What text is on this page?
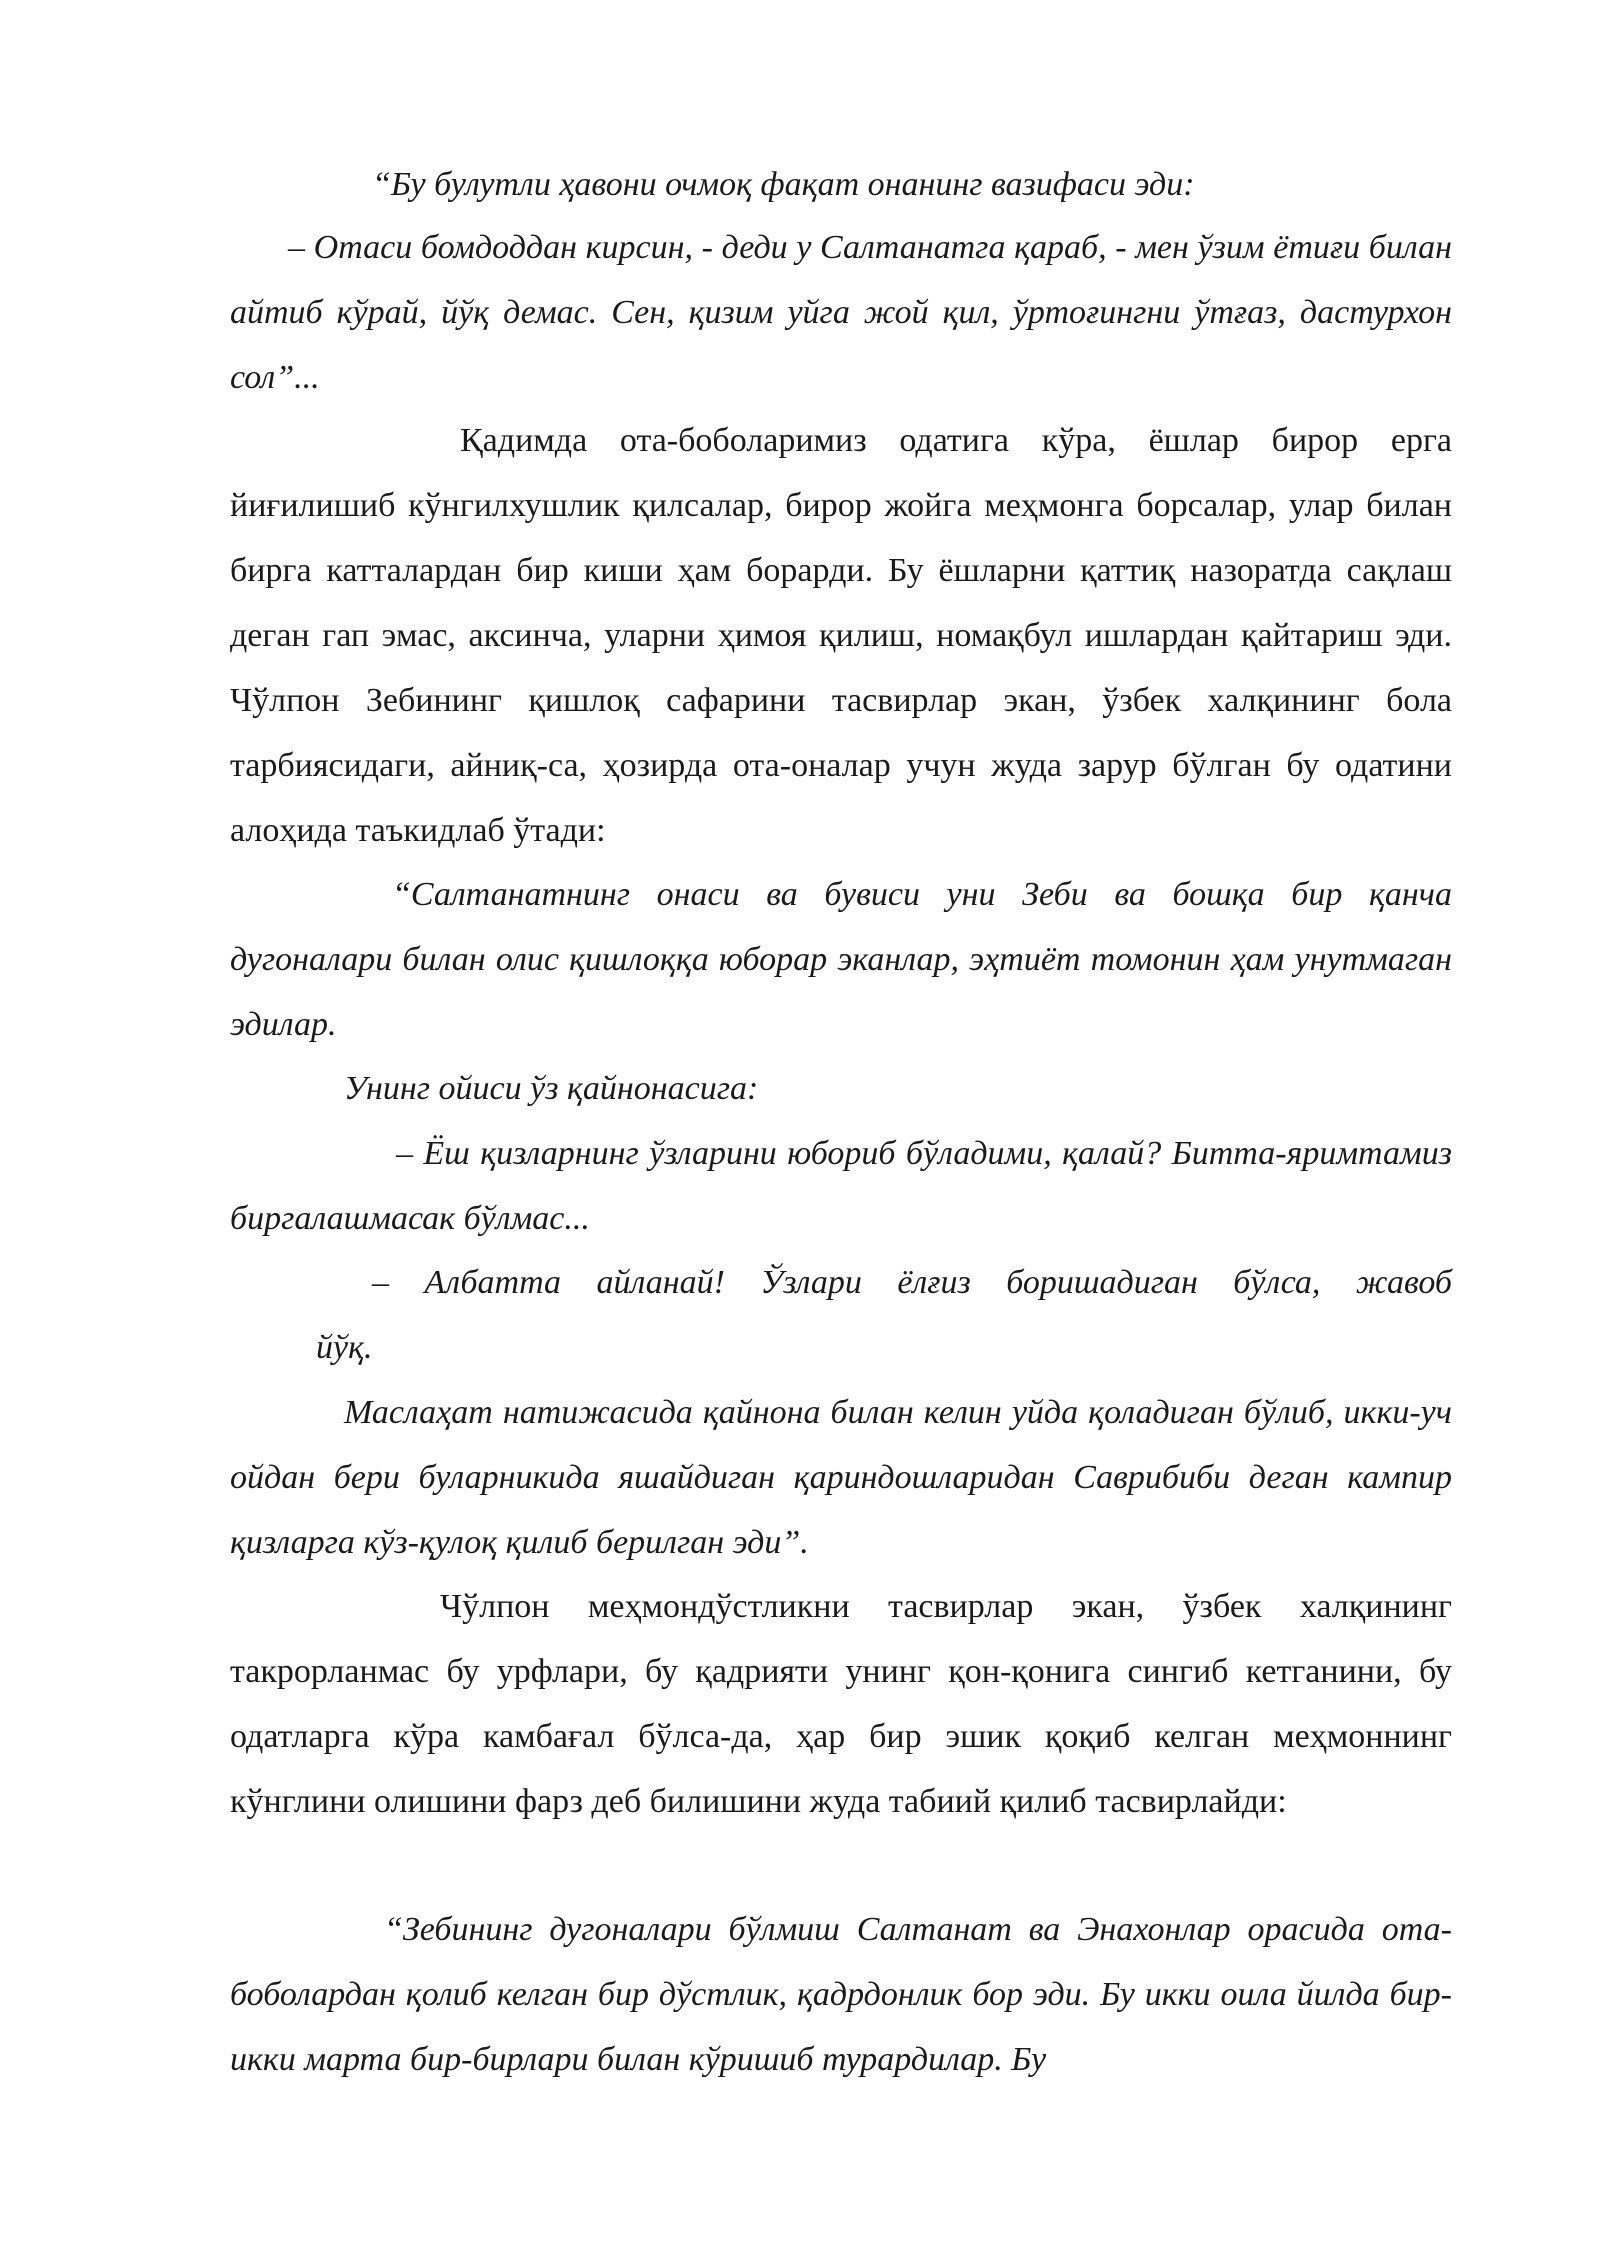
“Бу булутли ҳавони очмоқ фақат онанинг вазифаси эди:

– Отаси бомдоддан кирсин, - деди у Салтанатга қараб, - мен ўзим ётиғи билан айтиб кўрай, йўқ демас. Сен, қизим уйга жой қил, ўртоғингни ўтғаз, дастурхон сол”...

Қадимда ота-боболаримиз одатига кўра, ёшлар бирор ерга йиғилишиб кўнгилхушлик қилсалар, бирор жойга меҳмонга борсалар, улар билан бирга катталардан бир киши ҳам борарди. Бу ёшларни қаттиқ назоратда сақлаш деган гап эмас, аксинча, уларни ҳимоя қилиш, номақбул ишлардан қайтариш эди. Чўлпон Зебининг қишлоқ сафарини тасвирлар экан, ўзбек халқининг бола тарбиясидаги, айниқ-са, ҳозирда ота-оналар учун жуда зарур бўлган бу одатини алоҳида таъкидлаб ўтади:

“Салтанатнинг онаси ва бувиси уни Зеби ва бошқа бир қанча дугоналари билан олис қишлоққа юборар эканлар, эҳтиёт томонин ҳам унутмаган эдилар.

Унинг ойиси ўз қайнонасига:

– Ёш қизларнинг ўзларини юбориб бўладими, қалай? Битта-яримтамиз биргалашмасак бўлмас...

– Албатта айланай! Ўзлари ёлғиз боришадиган бўлса, жавоб

йўқ.

Маслаҳат натижасида қайнона билан келин уйда қоладиган бўлиб, икки-уч ойдан бери буларникида яшайдиган қариндошларидан Саврибиби деган кампир қизларга кўз-қулоқ қилиб берилган эди”.

Чўлпон меҳмондўстликни тасвирлар экан, ўзбек халқининг такрорланмас бу урфлари, бу қадрияти унинг қон-қонига сингиб кетганини, бу одатларга кўра камбағал бўлса-да, ҳар бир эшик қоқиб келган меҳмоннинг кўнглини олишини фарз деб билишини жуда табиий қилиб тасвирлайди:

“Зебининг дугоналари бўлмиш Салтанат ва Энахонлар орасида ота-боболардан қолиб келган бир дўстлик, қадрдонлик бор эди. Бу икки оила йилда бир-икки марта бир-бирлари билан кўришиб турардилар. Бу
